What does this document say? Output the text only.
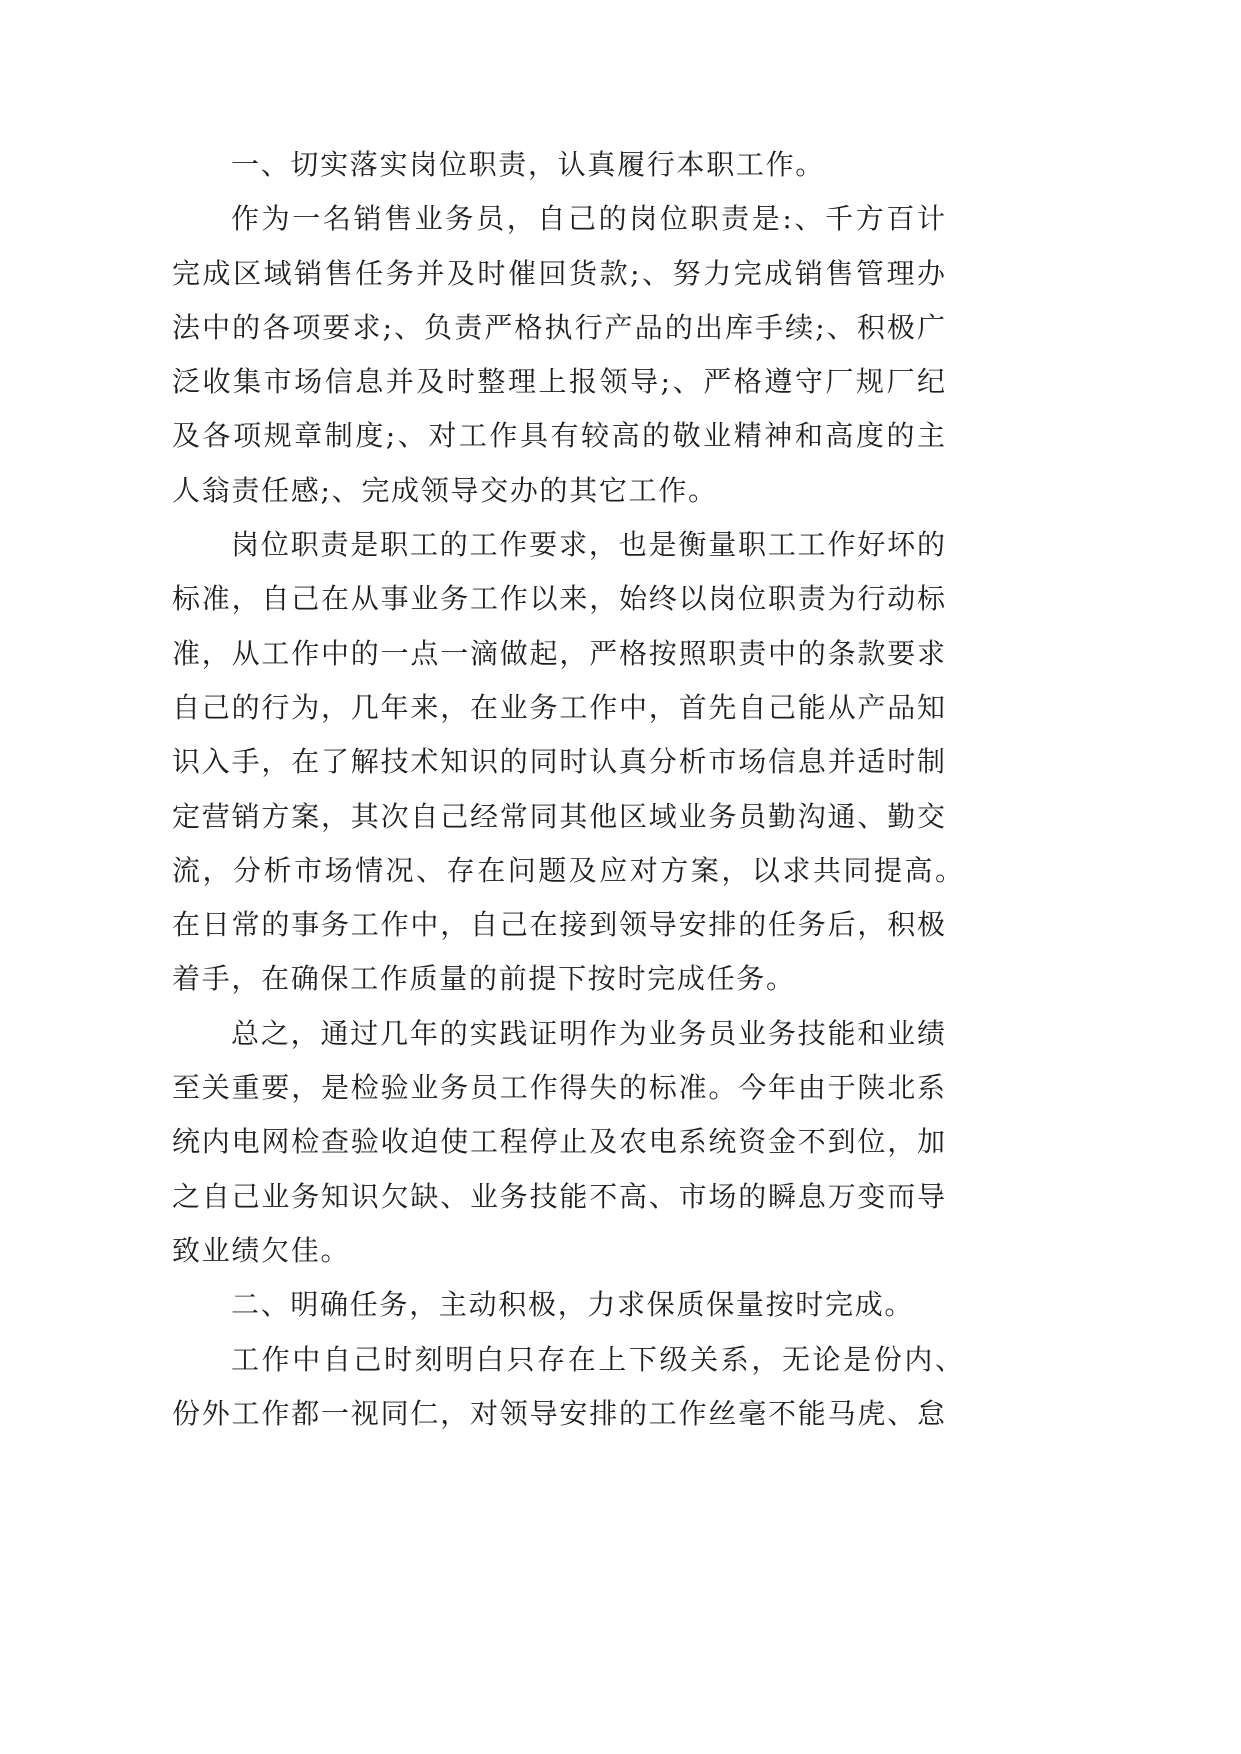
一、切实落实岗位职责，认真履行本职工作。
作为一名销售业务员，自己的岗位职责是:、千方百计
完成区域销售任务并及时催回货款;、努力完成销售管理办
法中的各项要求;、负责严格执行产品的出库手续;、积极广
泛收集市场信息并及时整理上报领导;、严格遵守厂规厂纪
及各项规章制度;、对工作具有较高的敬业精神和高度的主
人翁责任感;、完成领导交办的其它工作。
岗位职责是职工的工作要求，也是衡量职工工作好坏的
标准，自己在从事业务工作以来，始终以岗位职责为行动标
准，从工作中的一点一滴做起，严格按照职责中的条款要求
自己的行为，几年来，在业务工作中，首先自己能从产品知
识入手，在了解技术知识的同时认真分析市场信息并适时制
定营销方案，其次自己经常同其他区域业务员勤沟通、勤交
流，分析市场情况、存在问题及应对方案，以求共同提高。
在日常的事务工作中，自己在接到领导安排的任务后，积极
着手，在确保工作质量的前提下按时完成任务。
总之，通过几年的实践证明作为业务员业务技能和业绩
至关重要，是检验业务员工作得失的标准。今年由于陕北系
统内电网检查验收迫使工程停止及农电系统资金不到位，加
之自己业务知识欠缺、业务技能不高、市场的瞬息万变而导
致业绩欠佳。
二、明确任务，主动积极，力求保质保量按时完成。
工作中自己时刻明白只存在上下级关系，无论是份内、
份外工作都一视同仁，对领导安排的工作丝毫不能马虎、怠
